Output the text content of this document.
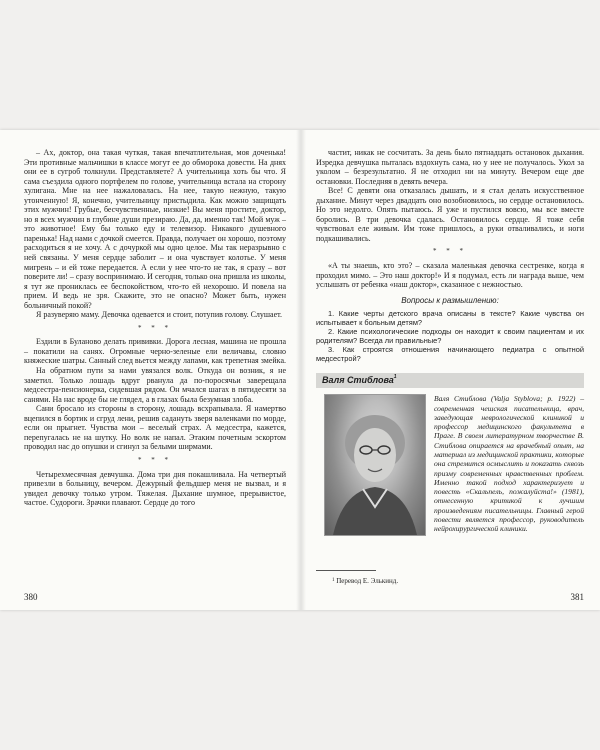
– Ах, доктор, она такая чуткая, такая впечатлительная, моя доченька! Эти противные мальчишки в классе могут ее до обморока довести. На днях они ее в сугроб толкнули. Представляете? А учительница хоть бы что. Я сама съездила одного портфелем по голове, учительница встала на сторону хулигана. Мне на нее нажаловалась. На нее, такую нежную, такую утонченную! Я, конечно, учительницу пристыдила. Как можно защищать этих мужчин! Грубые, бесчувственные, низкие! Вы меня простите, доктор, но я всех мужчин в глубине души презираю. Да, да, именно так! Мой муж – это животное! Ему бы только еду и телевизор. Никакого душевного паренька! Над нами с дочкой смеется. Правда, получает он хорошо, поэтому расходиться я не хочу. А с дочуркой мы одно целое. Мы так неразрывно с ней связаны. У меня сердце заболит – и она чувствует колотье. У меня мигрень – и ей тоже передается. А если у нее что-то не так, я сразу – вот поверите ли! – сразу воспринимаю. И сегодня, только она пришла из школы, я тут же прониклась ее беспокойством, что-то ей нехорошо. И повела на прием. И ведь не зря. Скажите, это не опасно? Может быть, нужен больничный покой?

Я разуверяю маму. Девочка одевается и стоит, потупив голову. Слушает.

* * *

Ездили в Буланово делать прививки. Дорога лесная, машина не прошла – покатили на санях. Огромные черно-зеленые ели величавы, словно княжеские шатры. Санный след вьется между лапами, как трепетная змейка.

На обратном пути за нами увязался волк. Откуда он возник, я не заметил. Только лошадь вдруг рванула да по-поросячьи заверещала медсестра-пенсионерка, сидевшая рядом. Он мчался шагах в пятидесяти за санями. На нас вроде бы не глядел, а в глазах была безумная злоба.

Сани бросало из стороны в сторону, лошадь всхрапывала. Я намертво вцепился в бортик и сгруд лени, решив садануть зверя валенками по морде, если он прыгнет. Чувства мои – веселый страх. А медсестра, кажется, перепугалась не на шутку. Но волк не напал. Этаким почетным эскортом проводил нас до опушки и сгинул за белыми ширмами.

* * *

Четырехмесячная девчушка. Дома три дня покашливала. На четвертый привезли в больницу, вечером. Дежурный фельдшер меня не вызвал, и я увидел девочку только утром. Тяжелая. Дыхание шумное, прерывистое, частое. Судороги. Зрачки плавают. Сердце до того

380

частит, никак не сосчитать. За день было пятнадцать остановок дыхания. Изредка девчушка пыталась вздохнуть сама, но у нее не получалось. Укол за уколом – безрезультатно. Я не отходил ни на минуту. Вечером еще две остановки. Последняя в девять вечера.

Все! С девяти она отказалась дышать, и я стал делать искусственное дыхание. Минут через двадцать оно возобновилось, но сердце остановилось. Но это недолго. Опять пытаюсь. Я уже и пустился вовсю, мы все вместе боролись. В три девочка сдалась. Остановилось сердце. Я тоже себя чувствовал еле живым. Им тоже пришлось, а руки отваливались, и ноги подкашивались.

* * *

«А ты знаешь, кто это? – сказала маленькая девочка сестренке, когда я проходил мимо. – Это наш доктор!» И я подумал, есть ли награда выше, чем услышать от ребенка «наш доктор», сказанное с нежностью.

Вопросы к размышлению:
1. Какие черты детского врача описаны в тексте? Какие чувства он испытывает к больным детям?
2. Какие психологические подходы он находит к своим пациентам и их родителям? Всегда ли правильные?
3. Как строятся отношения начинающего педиатра с опытной медсестрой?
Валя Стиблова$^1$
Валя Стиблова (Valja Styblova; р. 1922) – современная чешская писательница, врач, заведующая неврологической клиникой и профессор медицинского факультета в Праге. В своем литературном творчестве В. Стиблова опирается на врачебный опыт, на материал из медицинской практики, которые она стремится осмыслить и показать сквозь призму современных нравственных проблем. Именно такой подход характеризует и повесть «Скальпель, пожалуйста!» (1981), отнесенную критикой к лучшим произведениям писательницы. Главный герой повести является профессор, руководитель нейрохирургической клиники.
$^1$ Перевод Е. Элькинд.
381
